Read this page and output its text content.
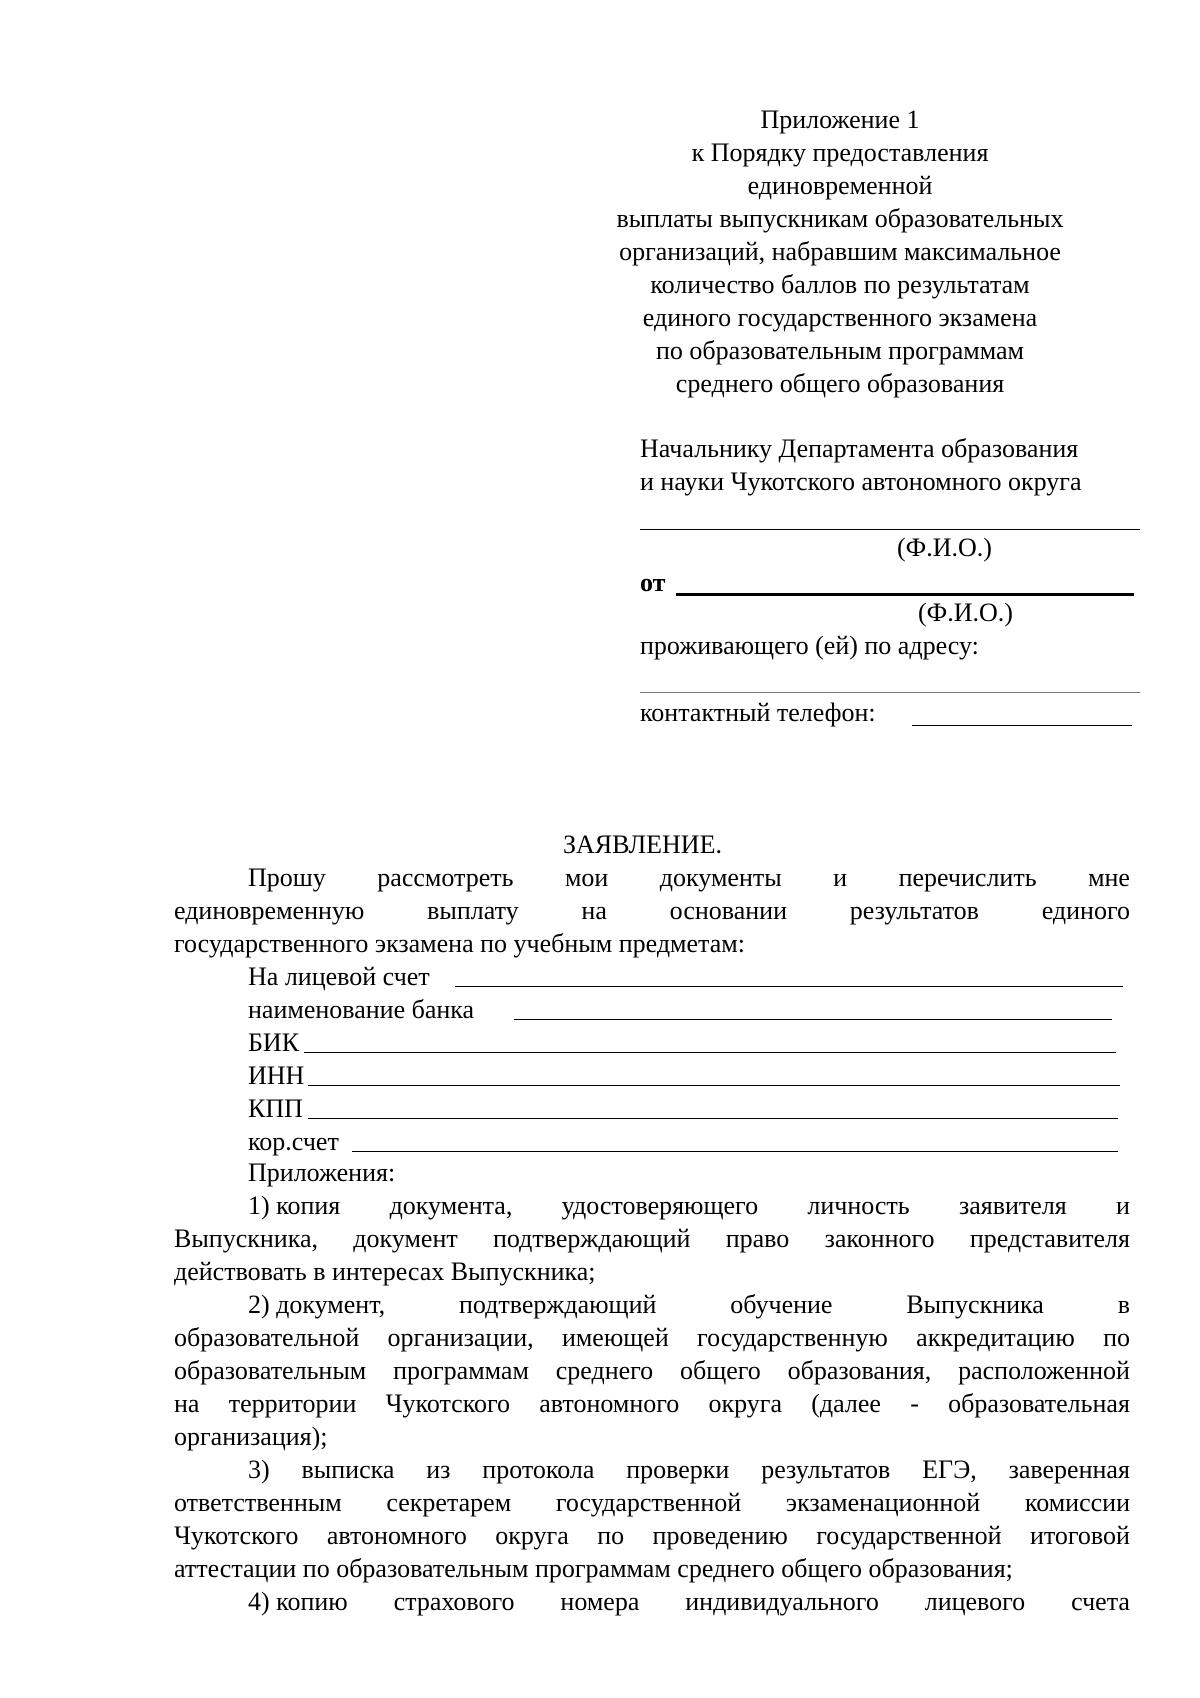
Приложение 1
к Порядку предоставления
единовременной
выплаты выпускникам образовательных
организаций, набравшим максимальное
количество баллов по результатам
единого государственного экзамена
по образовательным программам
среднего общего образования
Начальнику Департамента образования
и науки Чукотского автономного округа
(Ф.И.О.)
от
(Ф.И.О.)
проживающего (ей) по адресу:
контактный телефон:
ЗАЯВЛЕНИЕ.
Прошу рассмотреть мои документы и перечислить мне
единовременную выплату на основании результатов единого
государственного экзамена по учебным предметам:
На лицевой счет
наименование банка
БИК
ИНН
КПП
кор.счет
Приложения:
1) копия документа, удостоверяющего личность заявителя и
Выпускника, документ подтверждающий право законного представителя
действовать в интересах Выпускника;
2) документ,	подтверждающий	обучение	Выпускника	в
образовательной организации, имеющей государственную аккредитацию по
образовательным программам среднего общего образования, расположенной
на территории Чукотского автономного округа (далее - образовательная
организация);
3) выписка из протокола проверки результатов ЕГЭ, заверенная
ответственным секретарем государственной экзаменационной комиссии
Чукотского автономного округа по проведению государственной итоговой
аттестации по образовательным программам среднего общего образования;
4) копию страхового номера индивидуального лицевого счета
